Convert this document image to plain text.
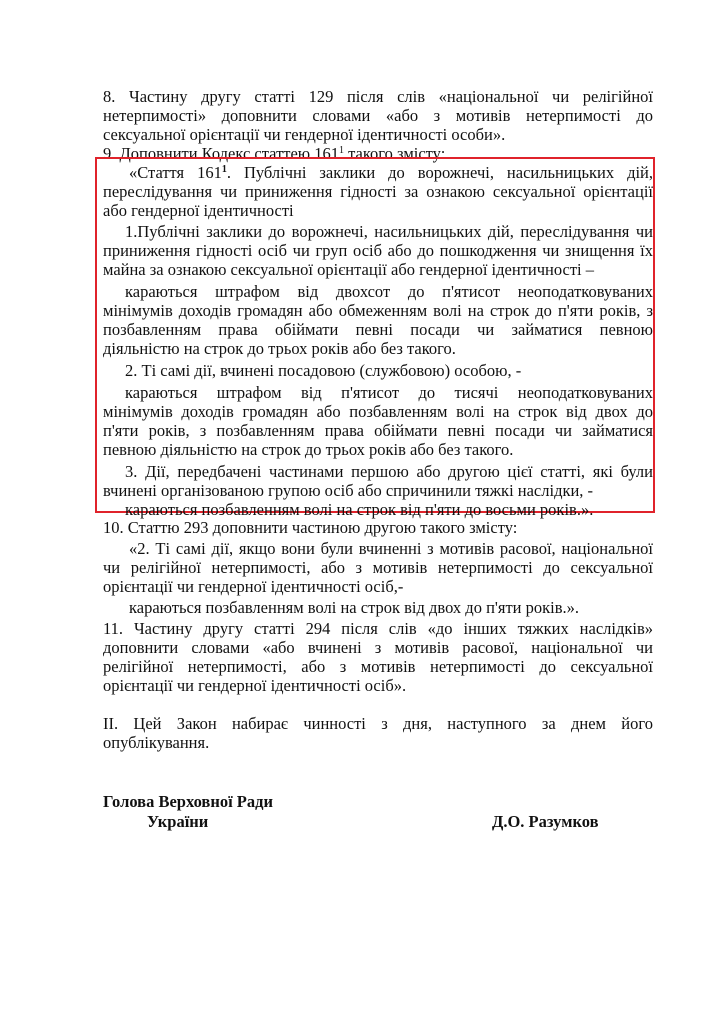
8. Частину другу статті 129 після слів «національної чи релігійної

нетерпимості» доповнити словами «або з мотивів нетерпимості до

сексуальної орієнтації чи гендерної ідентичності особи».

9. Доповнити Кодекс статтею $161^1$ такого змісту:

«Стаття $161^1$. Публічні заклики до ворожнечі, насильницьких дій,

переслідування чи приниження гідності за ознакою сексуальної орієнтації

або гендерної ідентичності

1.Публічні заклики до ворожнечі, насильницьких дій, переслідування чи

приниження гідності осіб чи груп осіб або до пошкодження чи знищення їх

майна за ознакою сексуальної орієнтації або гендерної ідентичності –

караються штрафом від двохсот до п'ятисот неоподатковуваних

мінімумів доходів громадян або обмеженням волі на строк до п'яти років, з

позбавленням права обіймати певні посади чи займатися певною

діяльністю на строк до трьох років або без такого.

2. Ті самі дії, вчинені посадовою (службовою) особою, -

караються штрафом від п'ятисот до тисячі неоподатковуваних

мінімумів доходів громадян або позбавленням волі на строк від двох до

п'яти років, з позбавленням права обіймати певні посади чи займатися

певною діяльністю на строк до трьох років або без такого.

3. Дії, передбачені частинами першою або другою цієї статті, які були

вчинені організованою групою осіб або спричинили тяжкі наслідки, -

караються позбавленням волі на строк від п'яти до восьми років.».

10. Статтю 293 доповнити частиною другою такого змісту:

«2. Ті самі дії, якщо вони були вчиненні з мотивів расової, національної

чи релігійної нетерпимості, або з мотивів нетерпимості до сексуальної

орієнтації чи гендерної ідентичності осіб,-

караються позбавленням волі на строк від двох до п'яти років.».

11. Частину другу статті 294 після слів «до інших тяжких наслідків»

доповнити словами «або вчинені з мотивів расової, національної чи

релігійної нетерпимості, або з мотивів нетерпимості до сексуальної

орієнтації чи гендерної ідентичності осіб».

ІІ. Цей Закон набирає чинності з дня, наступного за днем його

опублікування.

Голова Верховної Ради

України	Д.О. Разумков
